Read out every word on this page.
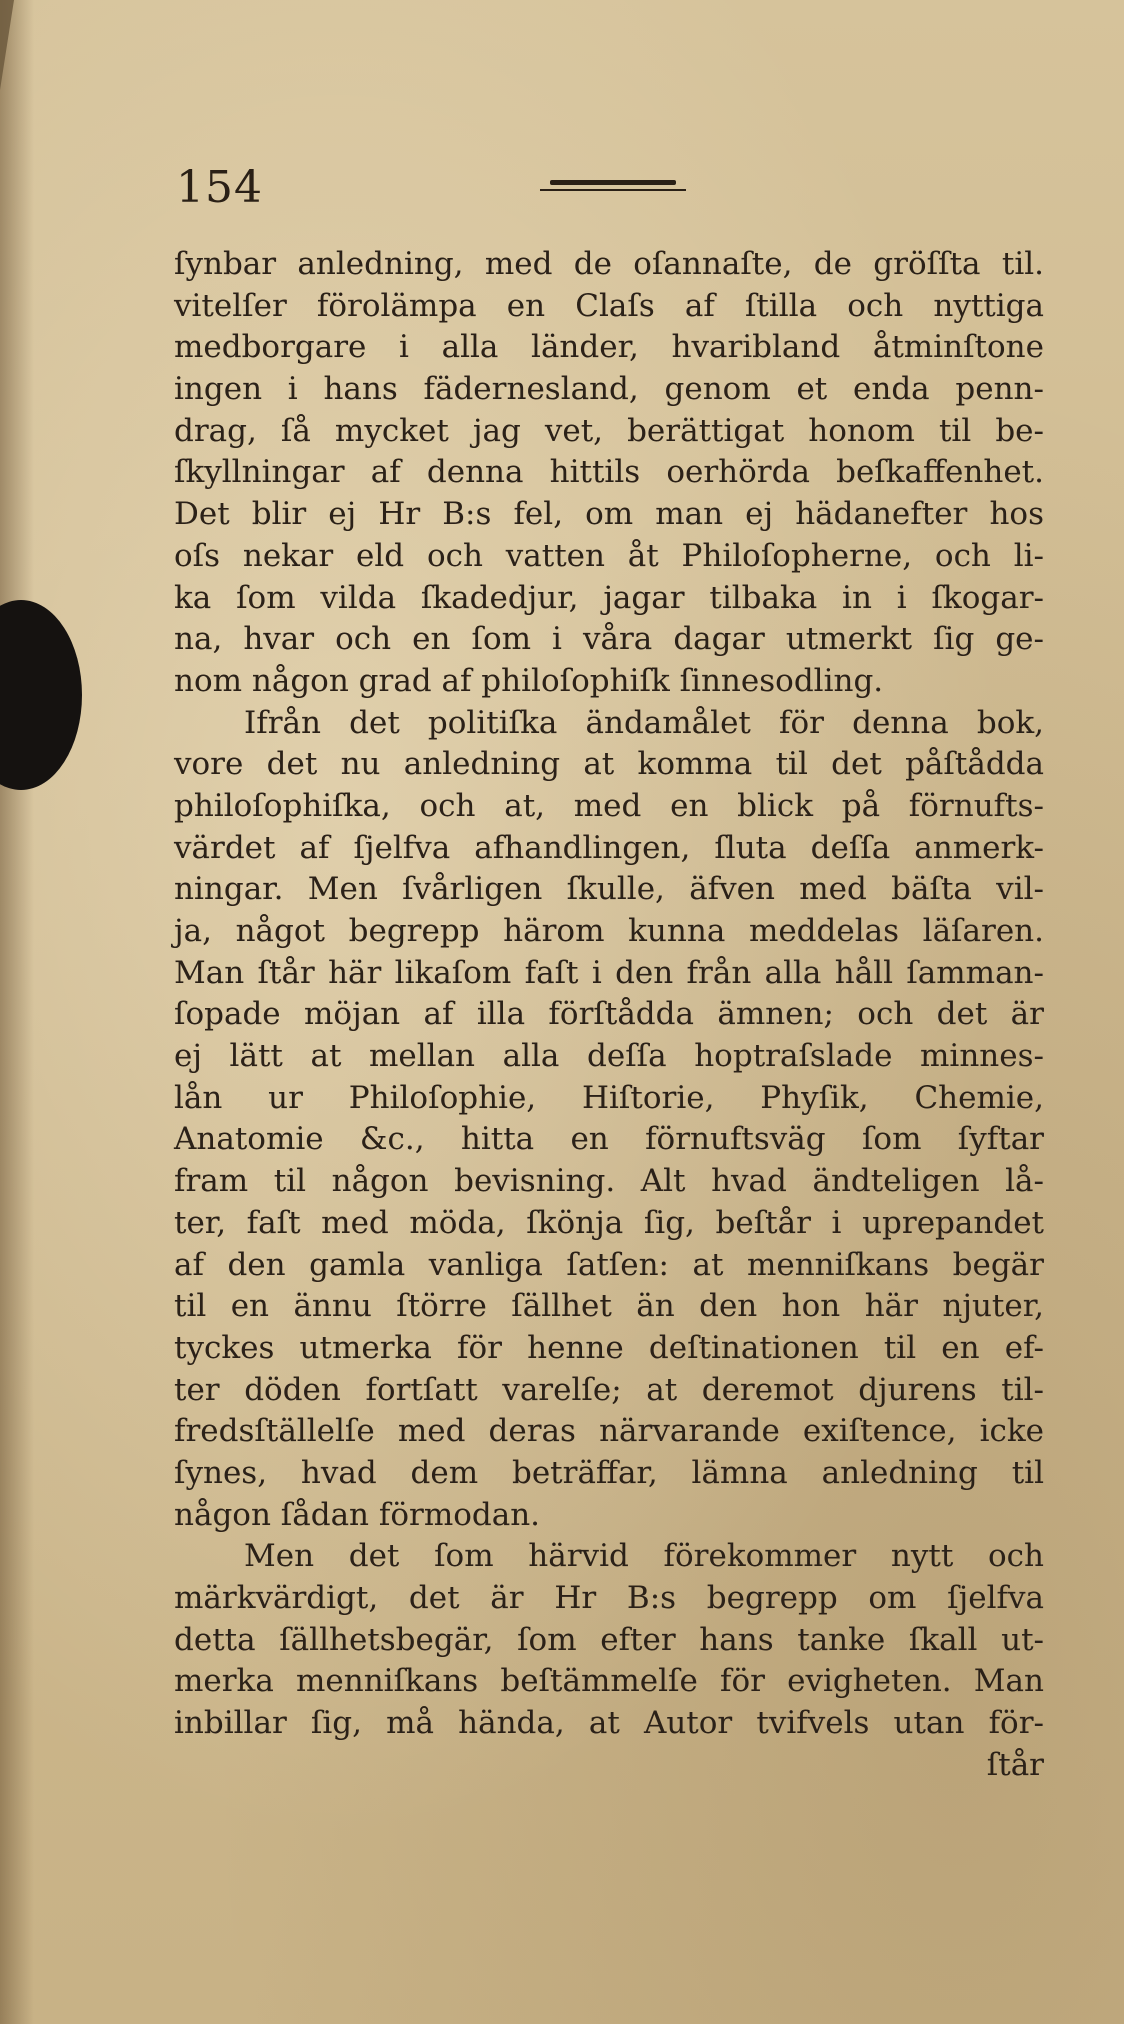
154
ſynbar anledning, med de oſannaſte, de gröſſta til.
vitelſer förolämpa en Claſs af ſtilla och nyttiga
medborgare i alla länder, hvaribland åtminſtone
ingen i hans fädernesland, genom et enda penn-
drag, ſå mycket jag vet, berättigat honom til be-
ſkyllningar af denna hittils oerhörda beſkaffenhet.
Det blir ej Hr B:s fel, om man ej hädanefter hos
oſs nekar eld och vatten åt Philoſopherne, och li-
ka ſom vilda ſkadedjur, jagar tilbaka in i ſkogar-
na, hvar och en ſom i våra dagar utmerkt ſig ge-
nom någon grad af philoſophiſk ſinnesodling.
Ifrån det politiſka ändamålet för denna bok,
vore det nu anledning at komma til det påſtådda
philoſophiſka, och at, med en blick på förnufts-
värdet af ſjelfva afhandlingen, ſluta deſſa anmerk-
ningar. Men ſvårligen ſkulle, äfven med bäſta vil-
ja, något begrepp härom kunna meddelas läſaren.
Man ſtår här likaſom faſt i den från alla håll ſamman-
ſopade möjan af illa förſtådda ämnen; och det är
ej lätt at mellan alla deſſa hoptraſslade minnes-
lån ur Philoſophie, Hiſtorie, Phyſik, Chemie,
Anatomie &c., hitta en förnuftsväg ſom ſyftar
fram til någon bevisning. Alt hvad ändteligen lå-
ter, faſt med möda, ſkönja ſig, beſtår i uprepandet
af den gamla vanliga ſatſen: at menniſkans begär
til en ännu ſtörre ſällhet än den hon här njuter,
tyckes utmerka för henne deſtinationen til en ef-
ter döden fortſatt varelſe; at deremot djurens til-
fredsſtällelſe med deras närvarande exiſtence, icke
ſynes, hvad dem beträffar, lämna anledning til
någon ſådan förmodan.
Men det ſom härvid förekommer nytt och
märkvärdigt, det är Hr B:s begrepp om ſjelfva
detta ſällhetsbegär, ſom efter hans tanke ſkall ut-
merka menniſkans beſtämmelſe för evigheten. Man
inbillar ſig, må hända, at Autor tvifvels utan för-
ſtår
